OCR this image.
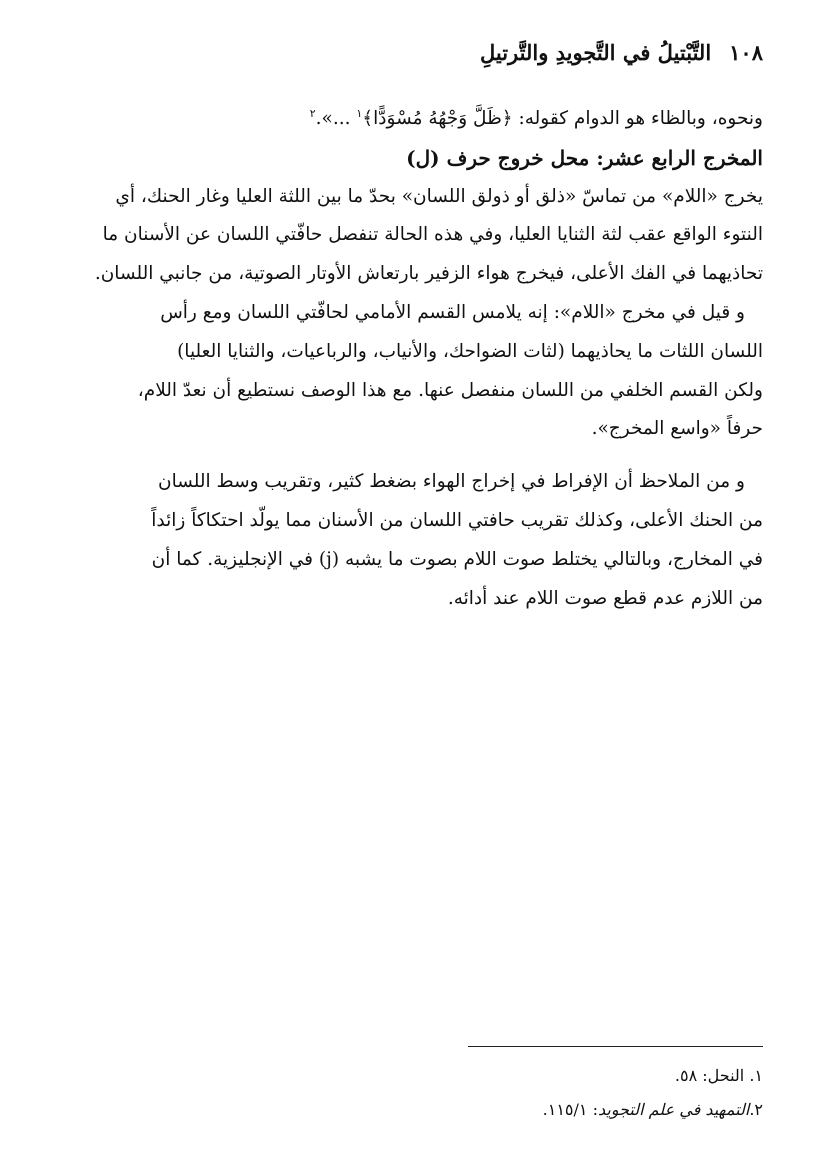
١٠٨
التَّبْتيلُ في التَّجويدِ والتَّرتيلِ
ونحوه، وبالظاء هو الدوام كقوله: ﴿ظَلَّ وَجْهُهُ مُسْوَدًّا﴾$^١$ ...».$^٢$
المخرج الرابع عشر: محل خروج حرف (ل)
يخرج «اللام» من تماسّ «ذلق أو ذولق اللسان» بحدّ ما بين اللثة العليا وغار الحنك، أي
النتوء الواقع عقب لثة الثنايا العليا، وفي هذه الحالة تنفصل حافّتي اللسان عن الأسنان ما
تحاذيهما في الفك الأعلى، فيخرج هواء الزفير بارتعاش الأوتار الصوتية، من جانبي اللسان.
و قيل في مخرج «اللام»: إنه يلامس القسم الأمامي لحافّتي اللسان ومع رأس
اللسان اللثات ما يحاذيهما (لثات الضواحك، والأنياب، والرباعيات، والثنايا العليا)
ولكن القسم الخلفي من اللسان منفصل عنها. مع هذا الوصف نستطيع أن نعدّ اللام،
حرفاً «واسع المخرج».
و من الملاحظ أن الإفراط في إخراج الهواء بضغط كثير، وتقريب وسط اللسان
من الحنك الأعلى، وكذلك تقريب حافتي اللسان من الأسنان مما يولّد احتكاكاً زائداً
في المخارج، وبالتالي يختلط صوت اللام بصوت ما يشبه (j) في الإنجليزية. كما أن
من اللازم عدم قطع صوت اللام عند أدائه.
١. النحل: ٥٨.
٢.التمهيد في علم التجويد: ١١٥/١.
